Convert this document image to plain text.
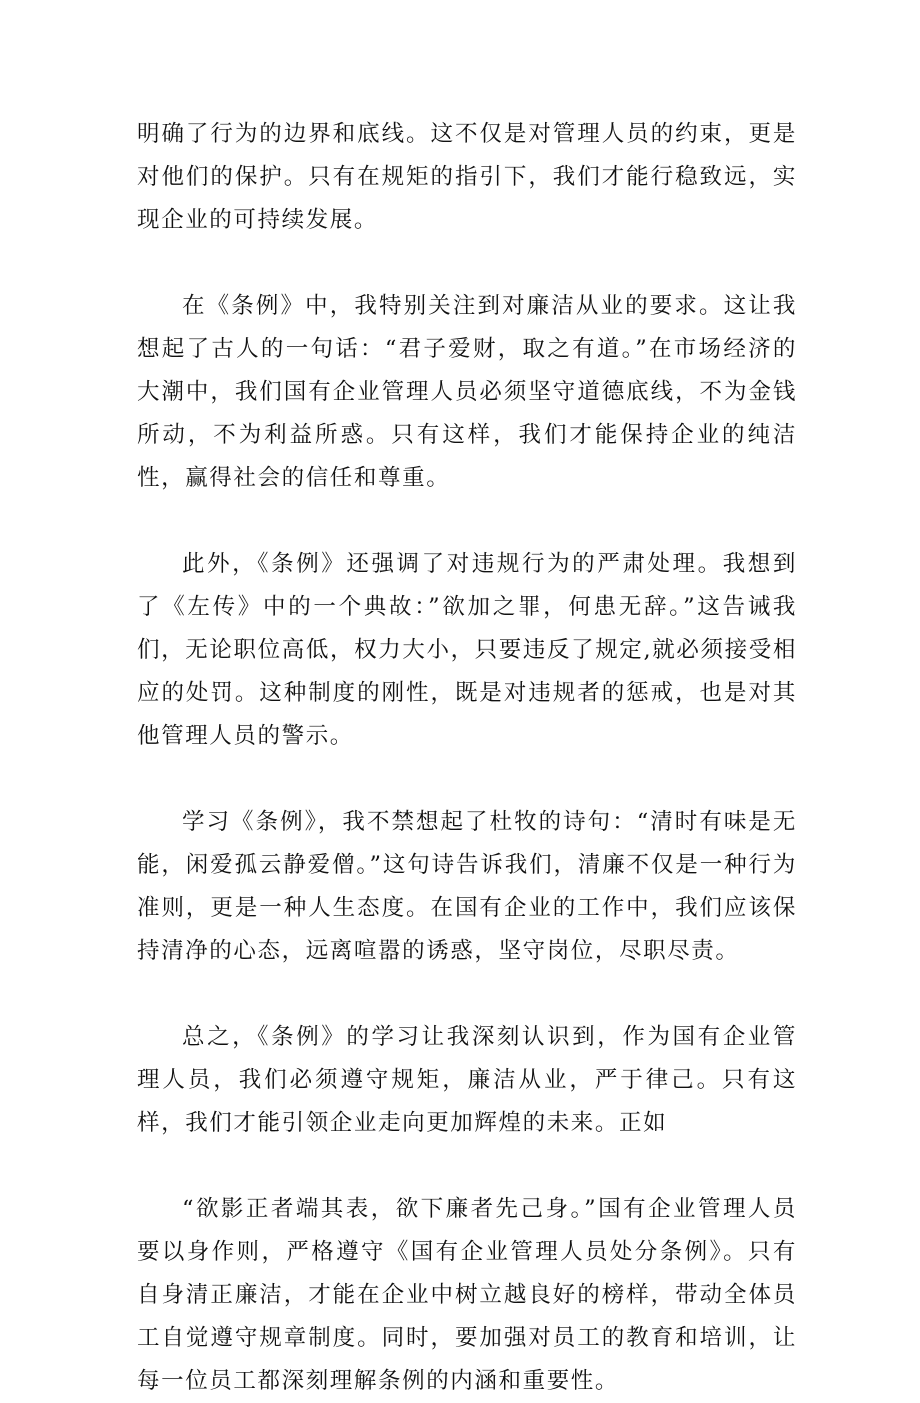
明确了行为的边界和底线。这不仅是对管理人员的约束，更是对他们的保护。只有在规矩的指引下，我们才能行稳致远，实现企业的可持续发展。

在《条例》中，我特别关注到对廉洁从业的要求。这让我想起了古人的一句话：“君子爱财，取之有道。”在市场经济的大潮中，我们国有企业管理人员必须坚守道德底线，不为金钱所动，不为利益所惑。只有这样，我们才能保持企业的纯洁性，赢得社会的信任和尊重。

此外，《条例》还强调了对违规行为的严肃处理。我想到了《左传》中的一个典故：”欲加之罪，何患无辞。”这告诫我们，无论职位高低，权力大小，只要违反了规定,就必须接受相应的处罚。这种制度的刚性，既是对违规者的惩戒，也是对其他管理人员的警示。

学习《条例》，我不禁想起了杜牧的诗句：“清时有味是无能，闲爱孤云静爱僧。”这句诗告诉我们，清廉不仅是一种行为准则，更是一种人生态度。在国有企业的工作中，我们应该保持清净的心态，远离喧嚣的诱惑，坚守岗位，尽职尽责。

总之，《条例》的学习让我深刻认识到，作为国有企业管理人员，我们必须遵守规矩，廉洁从业，严于律己。只有这样，我们才能引领企业走向更加辉煌的未来。正如

“欲影正者端其表，欲下廉者先己身。”国有企业管理人员要以身作则，严格遵守《国有企业管理人员处分条例》。只有自身清正廉洁，才能在企业中树立越良好的榜样，带动全体员工自觉遵守规章制度。同时，要加强对员工的教育和培训，让每一位员工都深刻理解条例的内涵和重要性。
